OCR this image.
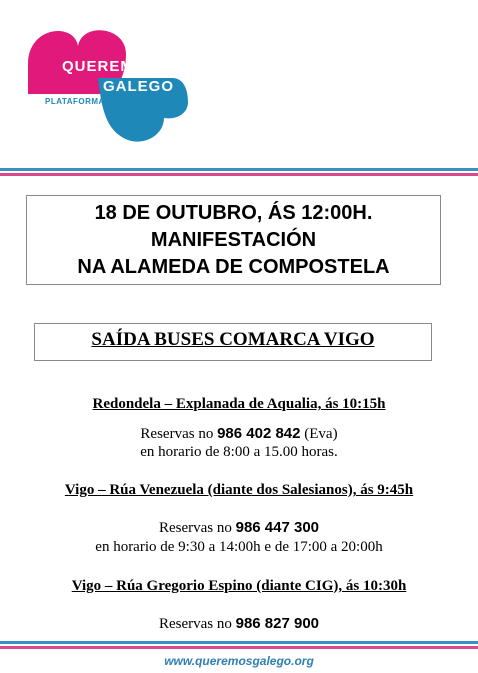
QUEREMOS
GALEGO !
PLATAFORMA
18 DE OUTUBRO, ÁS 12:00H.
MANIFESTACIÓN
NA ALAMEDA DE COMPOSTELA
SAÍDA BUSES COMARCA VIGO
Redondela – Explanada de Aqualia, ás 10:15h
Reservas no 986 402 842 (Eva)
en horario de 8:00 a 15.00 horas.
Vigo – Rúa Venezuela (diante dos Salesianos), ás 9:45h
Reservas no 986 447 300
en horario de 9:30 a 14:00h e de 17:00 a 20:00h
Vigo – Rúa Gregorio Espino (diante CIG), ás 10:30h
Reservas no 986 827 900
www.queremosgalego.org
